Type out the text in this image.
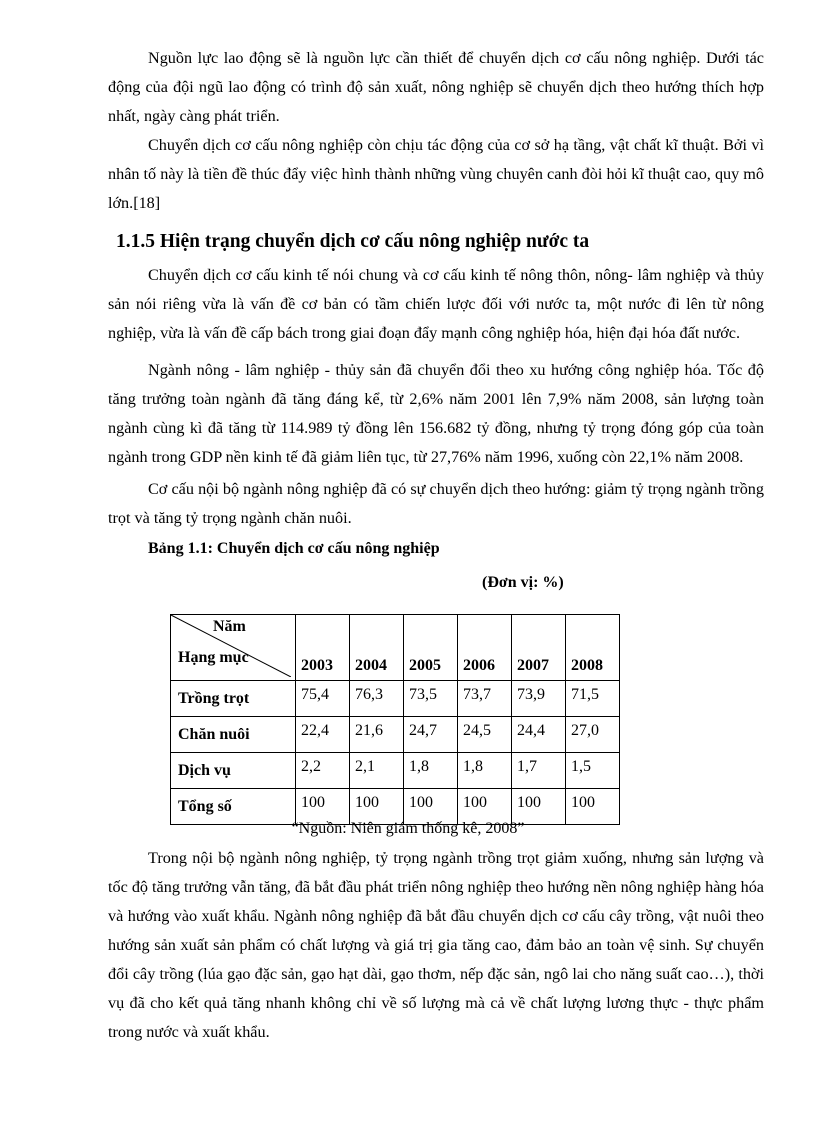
Nguồn lực lao động sẽ là nguồn lực cần thiết để chuyển dịch cơ cấu nông nghiệp. Dưới tác động của đội ngũ lao động có trình độ sản xuất, nông nghiệp sẽ chuyển dịch theo hướng thích hợp nhất, ngày càng phát triển.

Chuyển dịch cơ cấu nông nghiệp còn chịu tác động của cơ sở hạ tầng, vật chất kĩ thuật. Bởi vì nhân tố này là tiền đề thúc đẩy việc hình thành những vùng chuyên canh đòi hỏi kĩ thuật cao, quy mô lớn.[18]

1.1.5 Hiện trạng chuyển dịch cơ cấu nông nghiệp nước ta

Chuyển dịch cơ cấu kinh tế nói chung và cơ cấu kinh tế nông thôn, nông- lâm nghiệp và thủy sản nói riêng vừa là vấn đề cơ bản có tầm chiến lược đối với nước ta, một nước đi lên từ nông nghiệp, vừa là vấn đề cấp bách trong giai đoạn đẩy mạnh công nghiệp hóa, hiện đại hóa đất nước.

Ngành nông - lâm nghiệp - thủy sản đã chuyển đổi theo xu hướng công nghiệp hóa. Tốc độ tăng trưởng toàn ngành đã tăng đáng kể, từ 2,6% năm 2001 lên 7,9% năm 2008, sản lượng toàn ngành cùng kì đã tăng từ 114.989 tỷ đồng lên 156.682 tỷ đồng, nhưng tỷ trọng đóng góp của toàn ngành trong GDP nền kinh tế đã giảm liên tục, từ 27,76% năm 1996, xuống còn 22,1% năm 2008.

Cơ cấu nội bộ ngành nông nghiệp đã có sự chuyển dịch theo hướng: giảm tỷ trọng ngành trồng trọt và tăng tỷ trọng ngành chăn nuôi.

Bảng 1.1: Chuyển dịch cơ cấu nông nghiệp

(Đơn vị: %)

Năm
Hạng mục	2003	2004	2005	2006	2007	2008
Trồng trọt	75,4	76,3	73,5	73,7	73,9	71,5
Chăn nuôi	22,4	21,6	24,7	24,5	24,4	27,0
Dịch vụ	2,2	2,1	1,8	1,8	1,7	1,5
Tổng số	100	100	100	100	100	100

“Nguồn: Niên giám thống kê, 2008”

Trong nội bộ ngành nông nghiệp, tỷ trọng ngành trồng trọt giảm xuống, nhưng sản lượng và tốc độ tăng trưởng vẫn tăng, đã bắt đầu phát triển nông nghiệp theo hướng nền nông nghiệp hàng hóa và hướng vào xuất khẩu. Ngành nông nghiệp đã bắt đầu chuyển dịch cơ cấu cây trồng, vật nuôi theo hướng sản xuất sản phẩm có chất lượng và giá trị gia tăng cao, đảm bảo an toàn vệ sinh. Sự chuyển đổi cây trồng (lúa gạo đặc sản, gạo hạt dài, gạo thơm, nếp đặc sản, ngô lai cho năng suất cao…), thời vụ đã cho kết quả tăng nhanh không chỉ về số lượng mà cả về chất lượng lương thực - thực phẩm trong nước và xuất khẩu.
